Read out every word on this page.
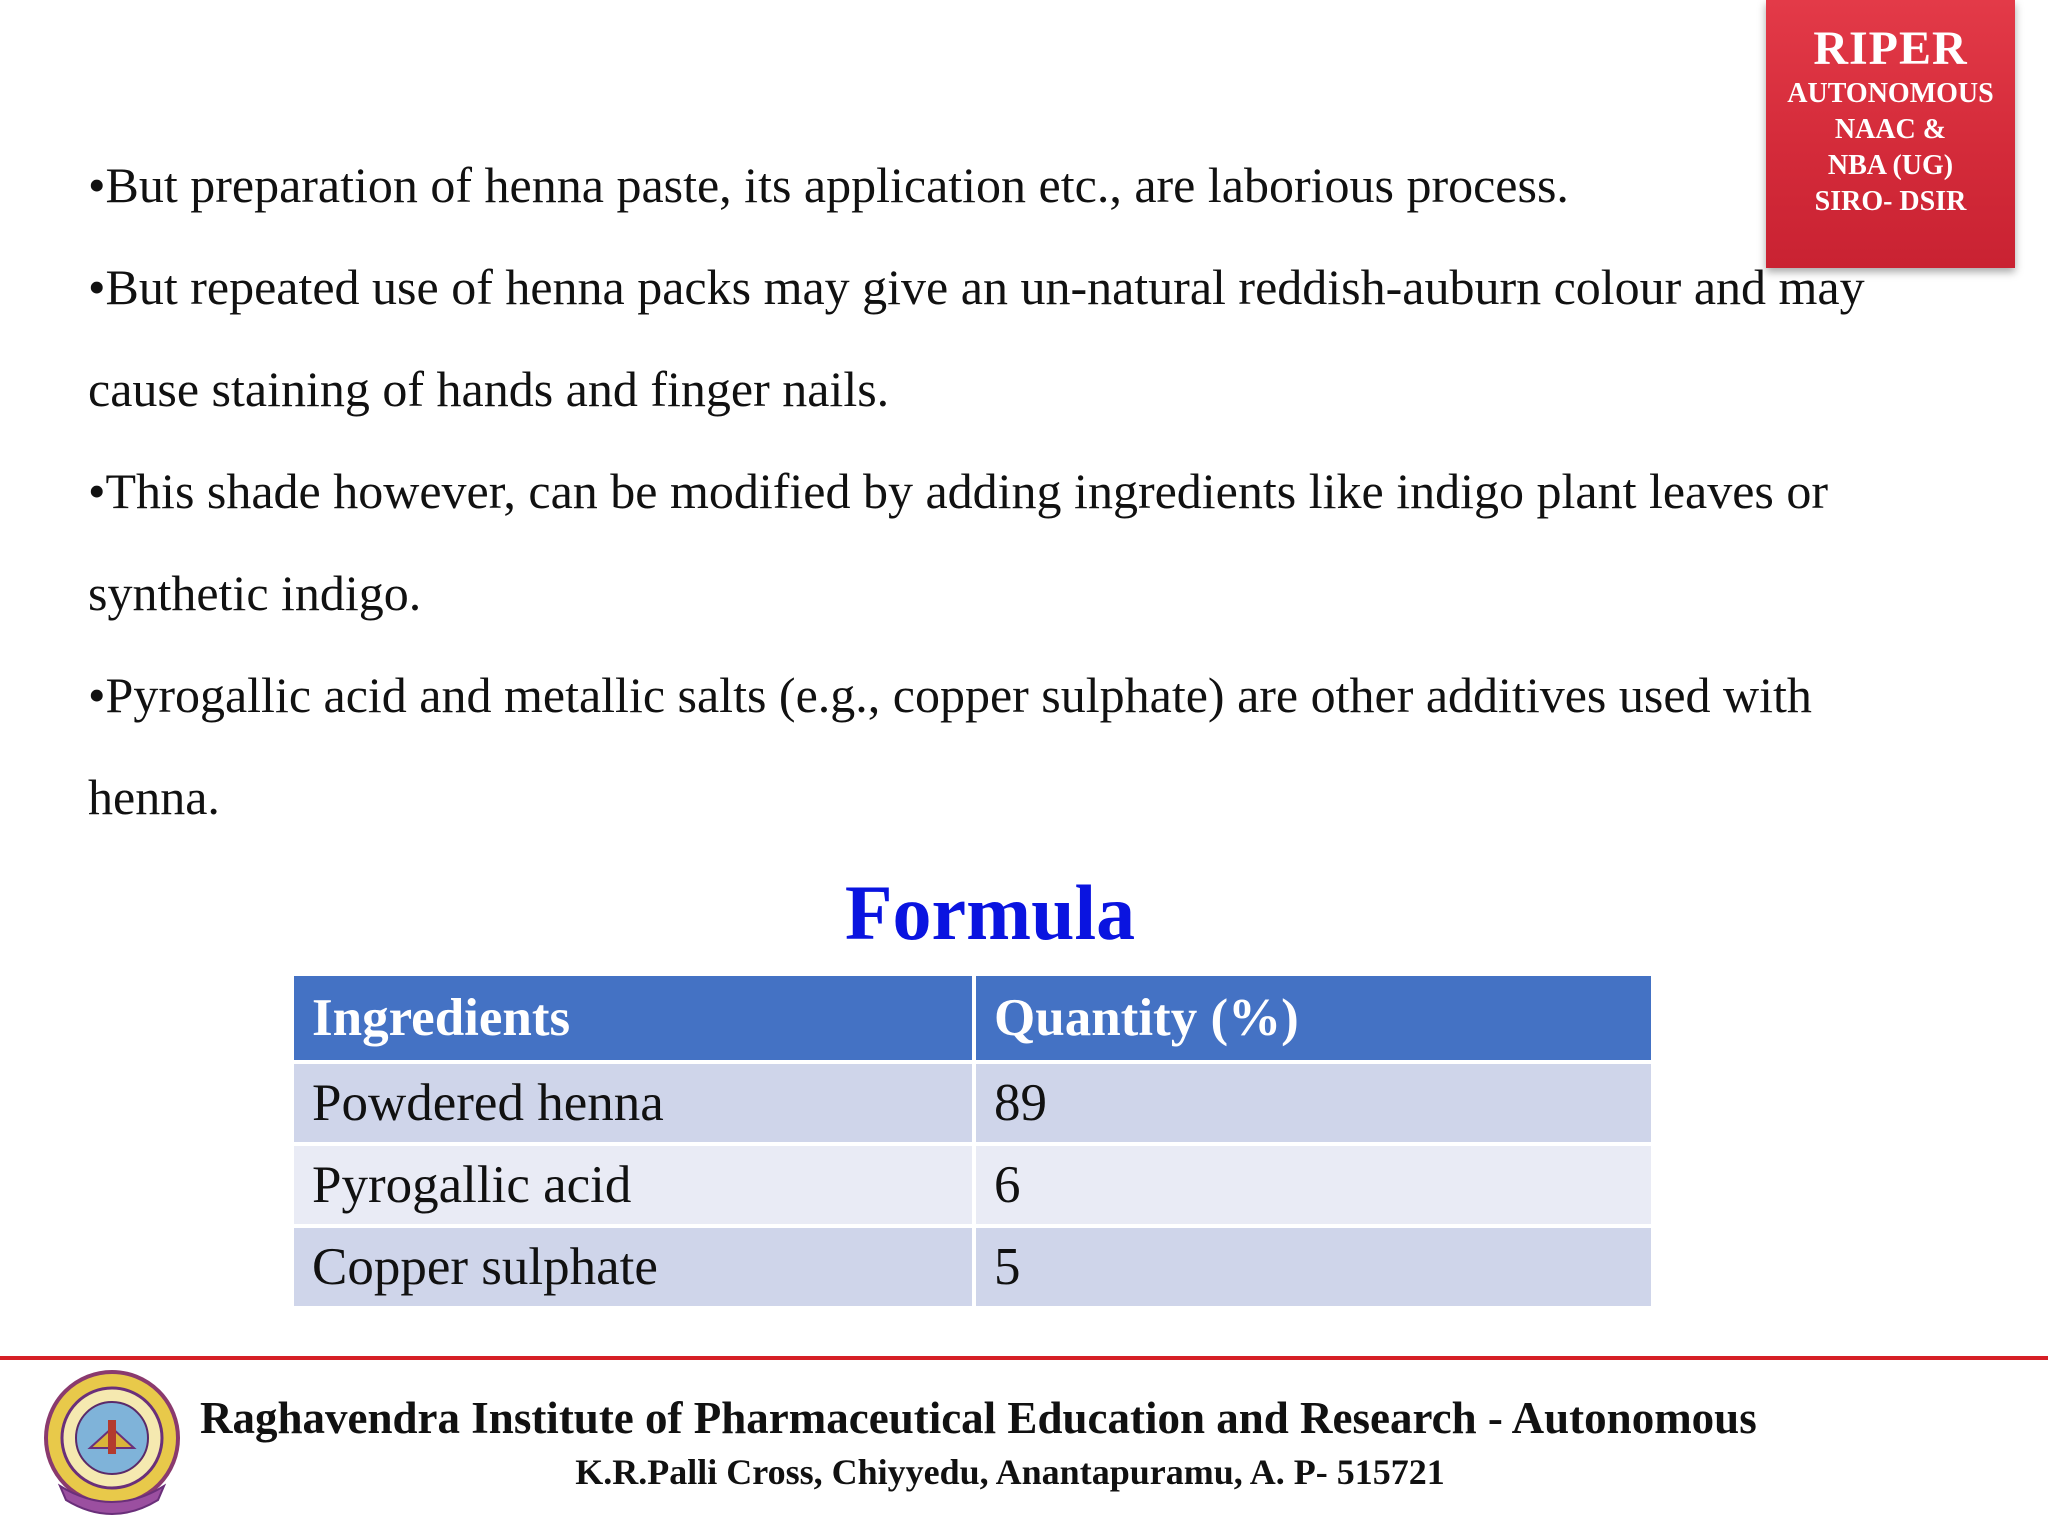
RIPER
AUTONOMOUS
NAAC &
NBA (UG)
SIRO- DSIR

•But preparation of henna paste, its application etc., are laborious process.

•But repeated use of henna packs may give an un-natural reddish-auburn colour and may cause staining of hands and finger nails.

•This shade however, can be modified by adding ingredients like indigo plant leaves or synthetic indigo.

•Pyrogallic acid and metallic salts (e.g., copper sulphate) are other additives used with henna.

Formula
Ingredients	Quantity (%)
Powdered henna	89
Pyrogallic acid	6
Copper sulphate	5
Raghavendra Institute of Pharmaceutical Education and Research - Autonomous
K.R.Palli Cross, Chiyyedu, Anantapuramu, A. P- 515721
